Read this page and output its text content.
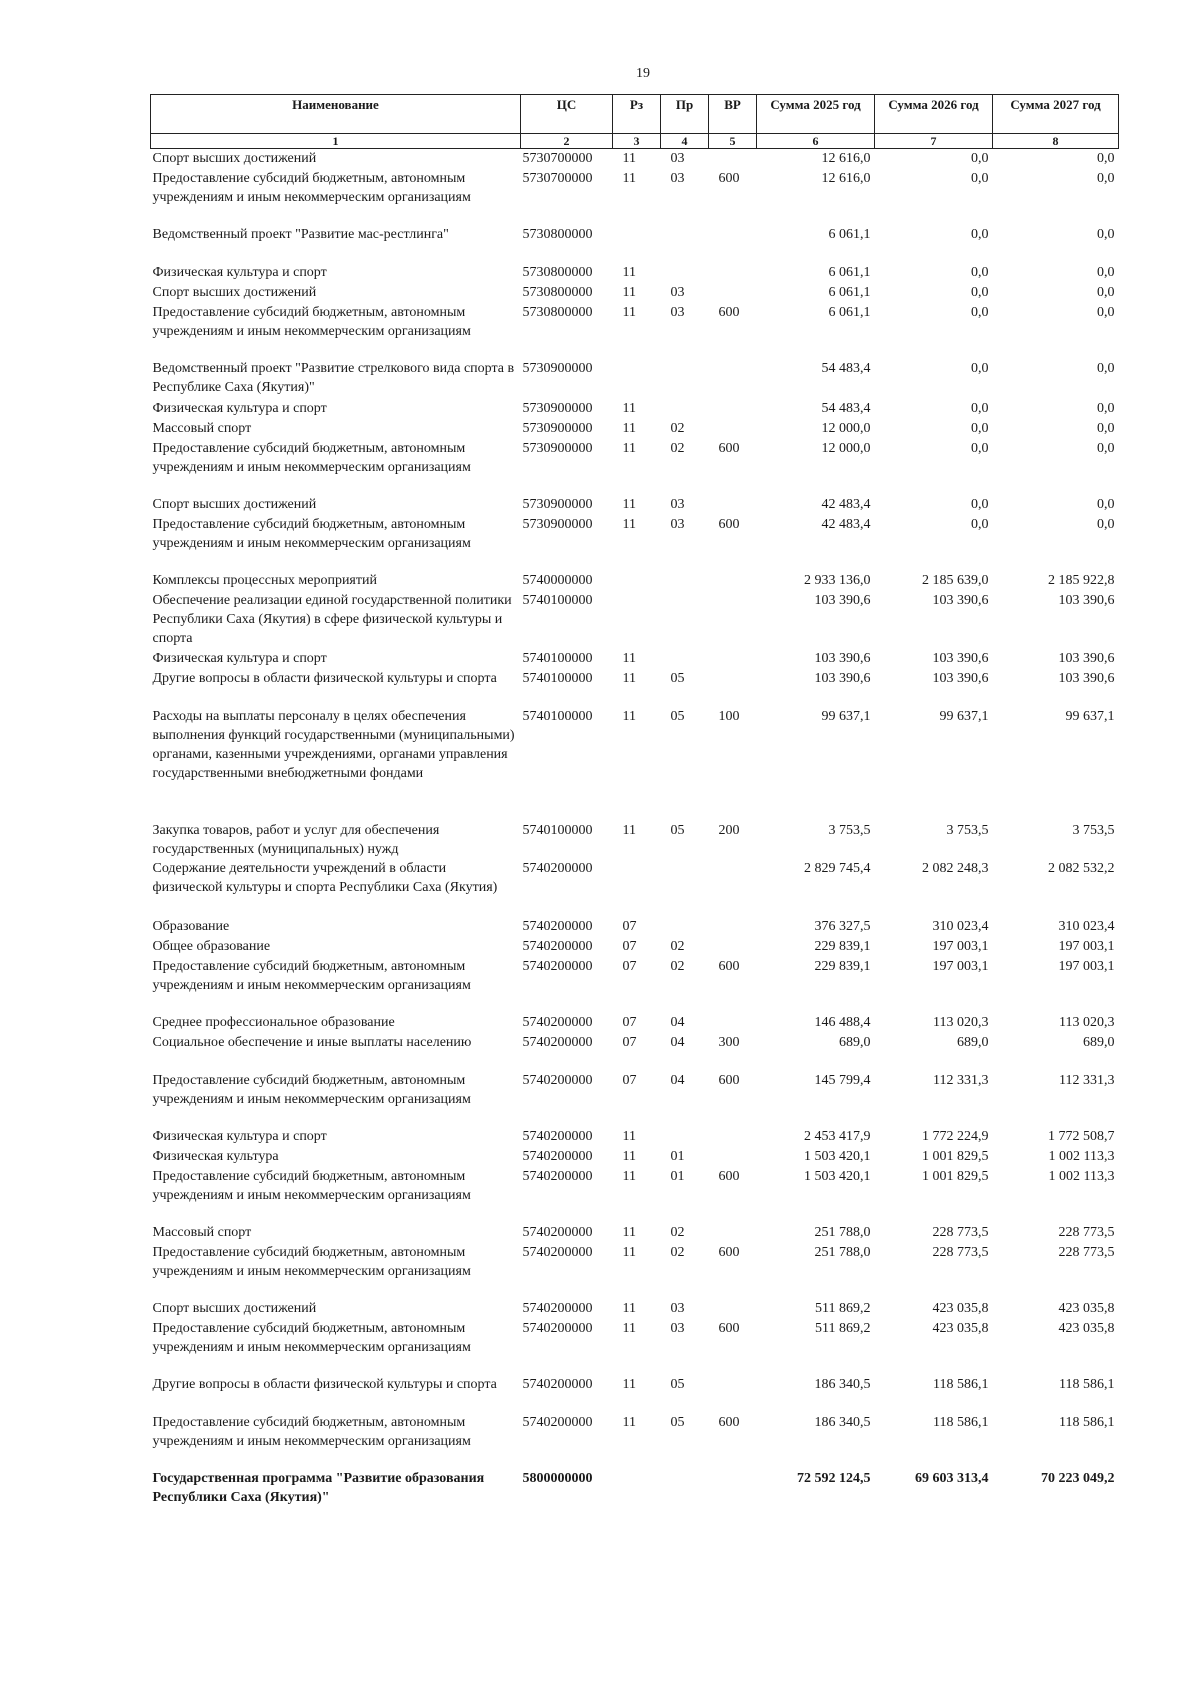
19
Наименование	ЦС	Рз	Пр	ВР	Сумма 2025 год	Сумма 2026 год	Сумма 2027 год
1	2	3	4	5	6	7	8
Спорт высших достижений	5730700000	11	03		12 616,0	0,0	0,0
Предоставление субсидий бюджетным, автономным учреждениям и иным некоммерческим организациям	5730700000	11	03	600	12 616,0	0,0	0,0
Ведомственный проект "Развитие мас-рестлинга"	5730800000				6 061,1	0,0	0,0
Физическая культура и спорт	5730800000	11			6 061,1	0,0	0,0
Спорт высших достижений	5730800000	11	03		6 061,1	0,0	0,0
Предоставление субсидий бюджетным, автономным учреждениям и иным некоммерческим организациям	5730800000	11	03	600	6 061,1	0,0	0,0
Ведомственный проект "Развитие стрелкового вида спорта в Республике Саха (Якутия)"	5730900000				54 483,4	0,0	0,0
Физическая культура и спорт	5730900000	11			54 483,4	0,0	0,0
Массовый спорт	5730900000	11	02		12 000,0	0,0	0,0
Предоставление субсидий бюджетным, автономным учреждениям и иным некоммерческим организациям	5730900000	11	02	600	12 000,0	0,0	0,0
Спорт высших достижений	5730900000	11	03		42 483,4	0,0	0,0
Предоставление субсидий бюджетным, автономным учреждениям и иным некоммерческим организациям	5730900000	11	03	600	42 483,4	0,0	0,0
Комплексы процессных мероприятий	5740000000				2 933 136,0	2 185 639,0	2 185 922,8
Обеспечение реализации единой государственной политики Республики Саха (Якутия) в сфере физической культуры и спорта	5740100000				103 390,6	103 390,6	103 390,6
Физическая культура и спорт	5740100000	11			103 390,6	103 390,6	103 390,6
Другие вопросы в области физической культуры и спорта	5740100000	11	05		103 390,6	103 390,6	103 390,6
Расходы на выплаты персоналу в целях обеспечения выполнения функций государственными (муниципальными) органами, казенными учреждениями, органами управления государственными внебюджетными фондами	5740100000	11	05	100	99 637,1	99 637,1	99 637,1
Закупка товаров, работ и услуг для обеспечения государственных (муниципальных) нужд	5740100000	11	05	200	3 753,5	3 753,5	3 753,5
Содержание деятельности учреждений в области физической культуры и спорта Республики Саха (Якутия)	5740200000				2 829 745,4	2 082 248,3	2 082 532,2
Образование	5740200000	07			376 327,5	310 023,4	310 023,4
Общее образование	5740200000	07	02		229 839,1	197 003,1	197 003,1
Предоставление субсидий бюджетным, автономным учреждениям и иным некоммерческим организациям	5740200000	07	02	600	229 839,1	197 003,1	197 003,1
Среднее профессиональное образование	5740200000	07	04		146 488,4	113 020,3	113 020,3
Социальное обеспечение и иные выплаты населению	5740200000	07	04	300	689,0	689,0	689,0
Предоставление субсидий бюджетным, автономным учреждениям и иным некоммерческим организациям	5740200000	07	04	600	145 799,4	112 331,3	112 331,3
Физическая культура и спорт	5740200000	11			2 453 417,9	1 772 224,9	1 772 508,7
Физическая культура	5740200000	11	01		1 503 420,1	1 001 829,5	1 002 113,3
Предоставление субсидий бюджетным, автономным учреждениям и иным некоммерческим организациям	5740200000	11	01	600	1 503 420,1	1 001 829,5	1 002 113,3
Массовый спорт	5740200000	11	02		251 788,0	228 773,5	228 773,5
Предоставление субсидий бюджетным, автономным учреждениям и иным некоммерческим организациям	5740200000	11	02	600	251 788,0	228 773,5	228 773,5
Спорт высших достижений	5740200000	11	03		511 869,2	423 035,8	423 035,8
Предоставление субсидий бюджетным, автономным учреждениям и иным некоммерческим организациям	5740200000	11	03	600	511 869,2	423 035,8	423 035,8
Другие вопросы в области физической культуры и спорта	5740200000	11	05		186 340,5	118 586,1	118 586,1
Предоставление субсидий бюджетным, автономным учреждениям и иным некоммерческим организациям	5740200000	11	05	600	186 340,5	118 586,1	118 586,1
Государственная программа "Развитие образования Республики Саха (Якутия)"	5800000000				72 592 124,5	69 603 313,4	70 223 049,2
